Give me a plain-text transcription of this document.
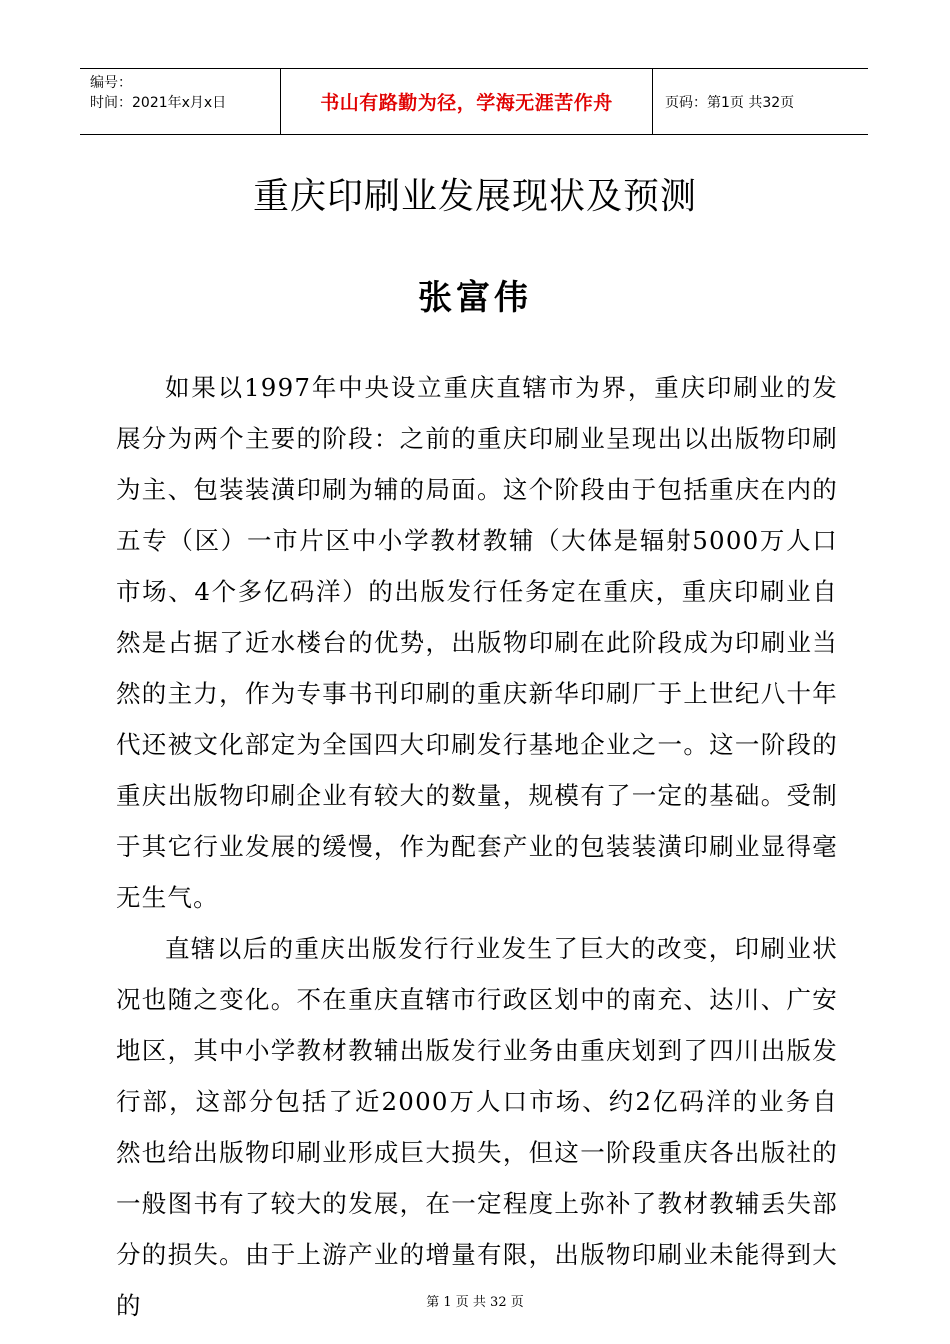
编号：
时间：2021年x月x日	书山有路勤为径，学海无涯苦作舟	页码：第1页 共32页
重庆印刷业发展现状及预测
张富伟

如果以1997年中央设立重庆直辖市为界，重庆印刷业的发展分为两个主要的阶段：之前的重庆印刷业呈现出以出版物印刷为主、包装装潢印刷为辅的局面。这个阶段由于包括重庆在内的五专（区）一市片区中小学教材教辅（大体是辐射5000万人口市场、4个多亿码洋）的出版发行任务定在重庆，重庆印刷业自然是占据了近水楼台的优势，出版物印刷在此阶段成为印刷业当然的主力，作为专事书刊印刷的重庆新华印刷厂于上世纪八十年代还被文化部定为全国四大印刷发行基地企业之一。这一阶段的重庆出版物印刷企业有较大的数量，规模有了一定的基础。受制于其它行业发展的缓慢，作为配套产业的包装装潢印刷业显得毫无生气。

直辖以后的重庆出版发行行业发生了巨大的改变，印刷业状况也随之变化。不在重庆直辖市行政区划中的南充、达川、广安地区，其中小学教材教辅出版发行业务由重庆划到了四川出版发行部，这部分包括了近2000万人口市场、约2亿码洋的业务自然也给出版物印刷业形成巨大损失，但这一阶段重庆各出版社的一般图书有了较大的发展，在一定程度上弥补了教材教辅丢失部分的损失。由于上游产业的增量有限，出版物印刷业未能得到大的	第 1 页 共 32 页
